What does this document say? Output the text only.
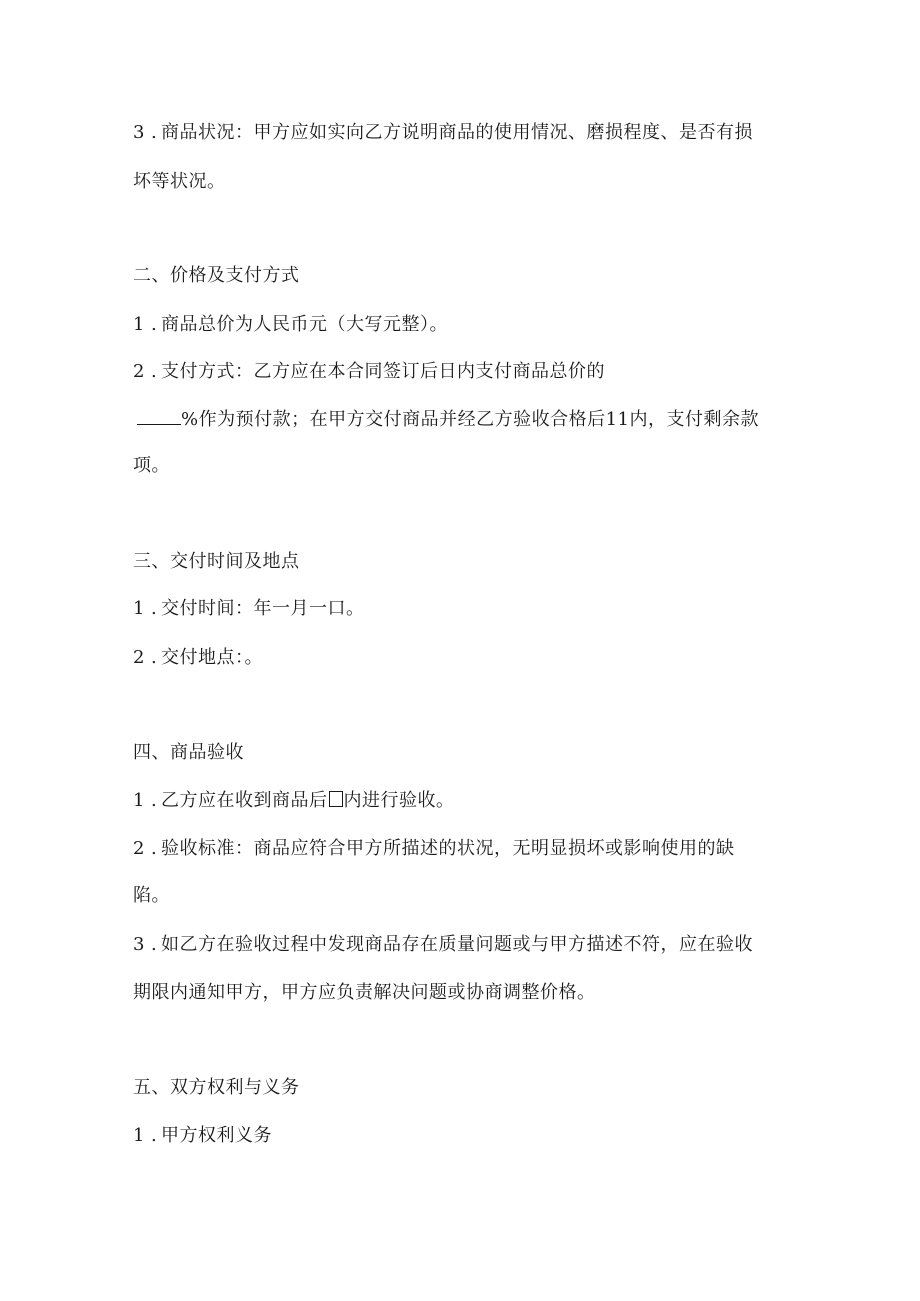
3 . 商品状况：甲方应如实向乙方说明商品的使用情况、磨损程度、是否有损
坏等状况。
二、价格及支付方式
1 . 商品总价为人民币元（大写元整）。
2 . 支付方式：乙方应在本合同签订后日内支付商品总价的
%作为预付款；在甲方交付商品并经乙方验收合格后11内，支付剩余款
项。
三、交付时间及地点
1 . 交付时间：年一月一口。
2 . 交付地点：。
四、商品验收
1 . 乙方应在收到商品后 内进行验收。
2 . 验收标准：商品应符合甲方所描述的状况，无明显损坏或影响使用的缺
陷。
3 . 如乙方在验收过程中发现商品存在质量问题或与甲方描述不符，应在验收
期限内通知甲方，甲方应负责解决问题或协商调整价格。
五、双方权利与义务
1 . 甲方权利义务
